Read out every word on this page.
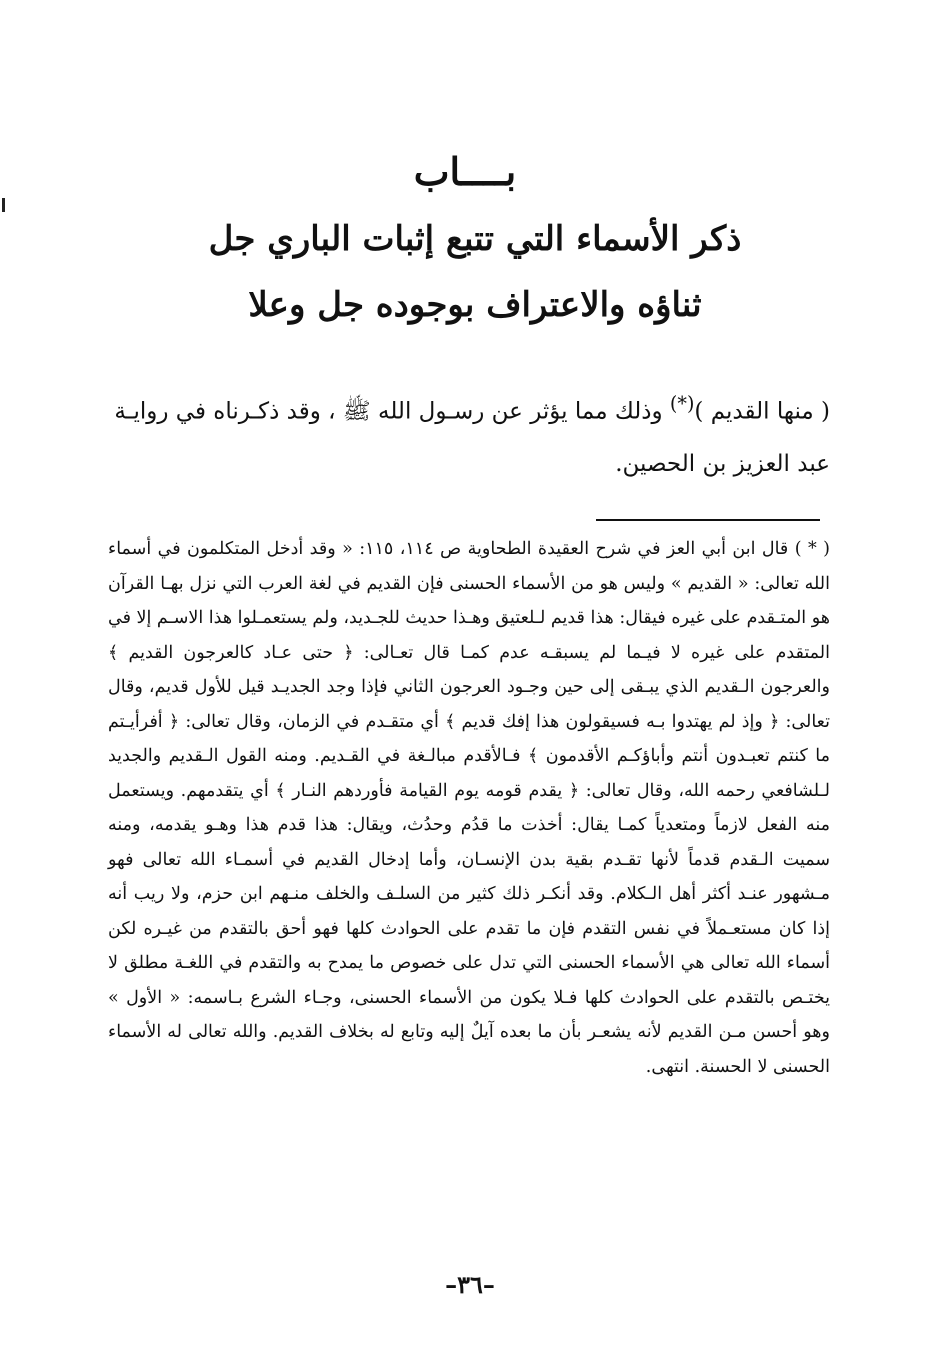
بــــاب
ذكر الأسماء التي تتبع إثبات الباري جل
ثناؤه والاعتراف بوجوده جل وعلا

( منها القديم )(*) وذلك مما يؤثر عن رسـول الله ﷺ ، وقد ذكـرناه في روايـة عبد العزيز بن الحصين.

( * ) قال ابن أبي العز في شرح العقيدة الطحاوية ص ١١٤، ١١٥: « وقد أدخل المتكلمون في أسماء الله تعالى: « القديم » وليس هو من الأسماء الحسنى فإن القديم في لغة العرب التي نزل بهـا القرآن هو المتـقدم على غيره فيقال: هذا قديم لـلعتيق وهـذا حديث للجـديد، ولم يستعمـلوا هذا الاسـم إلا في المتقدم على غيره لا فيـما لم يسبقـه عدم كمـا قال تعـالى: ﴿ حتى عـاد كالعرجون القديم ﴾ والعرجون الـقديم الذي يبـقى إلى حين وجـود العرجون الثاني فإذا وجد الجديـد قيل للأول قديم، وقال تعالى: ﴿ وإذ لم يهتدوا بـه فسيقولون هذا إفك قديم ﴾ أي متقـدم في الزمان، وقال تعالى: ﴿ أفرأيـتم ما كنتم تعبـدون أنتم وأباؤكـم الأقدمون ﴾ فـالأقدم مبالـغة في القـديم. ومنه القول الـقديم والجديد لـلشافعي رحمه الله، وقال تعالى: ﴿ يقدم قومه يوم القيامة فأوردهم النـار ﴾ أي يتقدمهم. ويستعمل منه الفعل لازماً ومتعدياً كمـا يقال: أخذت ما قدُم وحدُث، ويقال: هذا قدم هذا وهـو يقدمه، ومنه سميت الـقدم قدماً لأنها تقـدم بقية بدن الإنسـان، وأما إدخال القديم في أسمـاء الله تعالى فهو مـشهور عنـد أكثر أهل الـكلام. وقد أنكـر ذلك كثير من السلـف والخلف منـهم ابن حزم، ولا ريب أنه إذا كان مستعـملاً في نفس التقدم فإن ما تقدم على الحوادث كلها فهو أحق بالتقدم من غيـره لكن أسماء الله تعالى هي الأسماء الحسنى التي تدل على خصوص ما يمدح به والتقدم في اللغـة مطلق لا يختـص بالتقدم على الحوادث كلها فـلا يكون من الأسماء الحسنى، وجـاء الشرع بـاسمه: « الأول » وهو أحسن مـن القديم لأنه يشعـر بأن ما بعده آيلٌ إليه وتابع له بخلاف القديم. والله تعالى له الأسماء الحسنى لا الحسنة. انتهى.

–٣٦–
